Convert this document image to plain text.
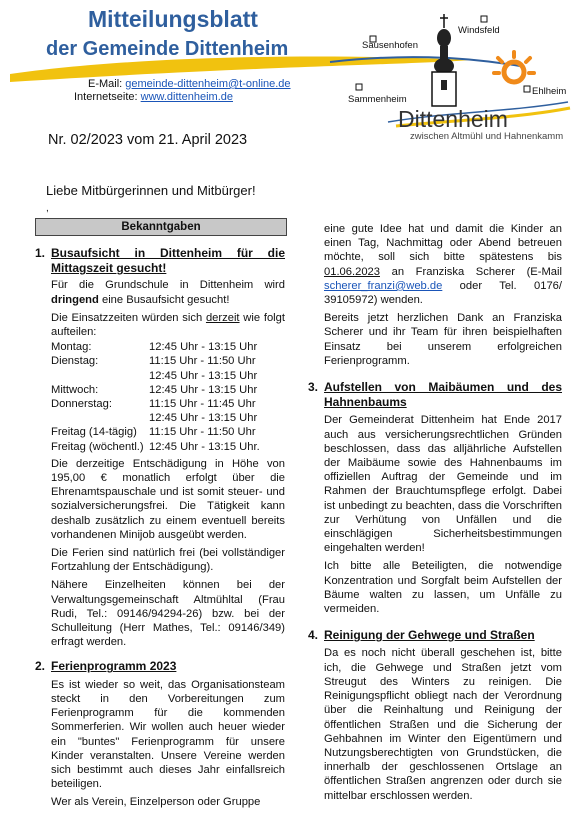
Mitteilungsblatt
der Gemeinde Dittenheim
E-Mail: gemeinde-dittenheim@t-online.de
Internetseite: www.dittenheim.de
Sausenhofen
Windsfeld
Sammenheim
Ehlheim
Dittenheim
zwischen Altmühl und Hahnenkamm
Nr. 02/2023 vom 21. April 2023
Liebe Mitbürgerinnen und Mitbürger!
,
Bekanntgaben
1. Busaufsicht in Dittenheim für die Mittagszeit gesucht!

Für die Grundschule in Dittenheim wird dringend eine Busaufsicht gesucht!

Die Einsatzzeiten würden sich derzeit wie folgt aufteilen:

Montag:	12:45 Uhr - 13:15 Uhr
Dienstag:	11:15 Uhr - 11:50 Uhr
12:45 Uhr - 13:15 Uhr
Mittwoch:	12:45 Uhr - 13:15 Uhr
Donnerstag:	11:15 Uhr - 11:45 Uhr
12:45 Uhr - 13:15 Uhr
Freitag (14-tägig)	11:15 Uhr - 11:50 Uhr
Freitag (wöchentl.) 12:45 Uhr - 13:15 Uhr.

Die derzeitige Entschädigung in Höhe von 195,00 € monatlich erfolgt über die Ehrenamtspauschale und ist somit steuer- und sozialversicherungsfrei. Die Tätigkeit kann deshalb zusätzlich zu einem eventuell bereits vorhandenen Minijob ausgeübt werden.

Die Ferien sind natürlich frei (bei vollständiger Fortzahlung der Entschädigung).

Nähere Einzelheiten können bei der Verwaltungsgemeinschaft Altmühltal (Frau Rudi, Tel.: 09146/94294-26) bzw. bei der Schulleitung (Herr Mathes, Tel.: 09146/349) erfragt werden.

2. Ferienprogramm 2023

Es ist wieder so weit, das Organisationsteam steckt in den Vorbereitungen zum Ferienprogramm für die kommenden Sommerferien. Wir wollen auch heuer wieder ein "buntes" Ferienprogramm für unsere Kinder veranstalten. Unsere Vereine werden sich bestimmt auch dieses Jahr einfallsreich beteiligen.

Wer als Verein, Einzelperson oder Gruppe

eine gute Idee hat und damit die Kinder an einen Tag, Nachmittag oder Abend betreuen möchte, soll sich bitte spätestens bis 01.06.2023 an Franziska Scherer (E-Mail scherer_franzi@web.de oder Tel. 0176/ 39105972) wenden.

Bereits jetzt herzlichen Dank an Franziska Scherer und ihr Team für ihren beispielhaften Einsatz bei unserem erfolgreichen Ferienprogramm.

3. Aufstellen von Maibäumen und des Hahnenbaums

Der Gemeinderat Dittenheim hat Ende 2017 auch aus versicherungsrechtlichen Gründen beschlossen, dass das alljährliche Aufstellen der Maibäume sowie des Hahnenbaums im offiziellen Auftrag der Gemeinde und im Rahmen der Brauchtumspflege erfolgt. Dabei ist unbedingt zu beachten, dass die Vorschriften zur Verhütung von Unfällen und die einschlägigen Sicherheitsbestimmungen eingehalten werden!

Ich bitte alle Beteiligten, die notwendige Konzentration und Sorgfalt beim Aufstellen der Bäume walten zu lassen, um Unfälle zu vermeiden.

4. Reinigung der Gehwege und Straßen

Da es noch nicht überall geschehen ist, bitte ich, die Gehwege und Straßen jetzt vom Streugut des Winters zu reinigen. Die Reinigungspflicht obliegt nach der Verordnung über die Reinhaltung und Reinigung der öffentlichen Straßen und die Sicherung der Gehbahnen im Winter den Eigentümern und Nutzungsberechtigten von Grundstücken, die innerhalb der geschlossenen Ortslage an öffentlichen Straßen angrenzen oder durch sie mittelbar erschlossen werden.
